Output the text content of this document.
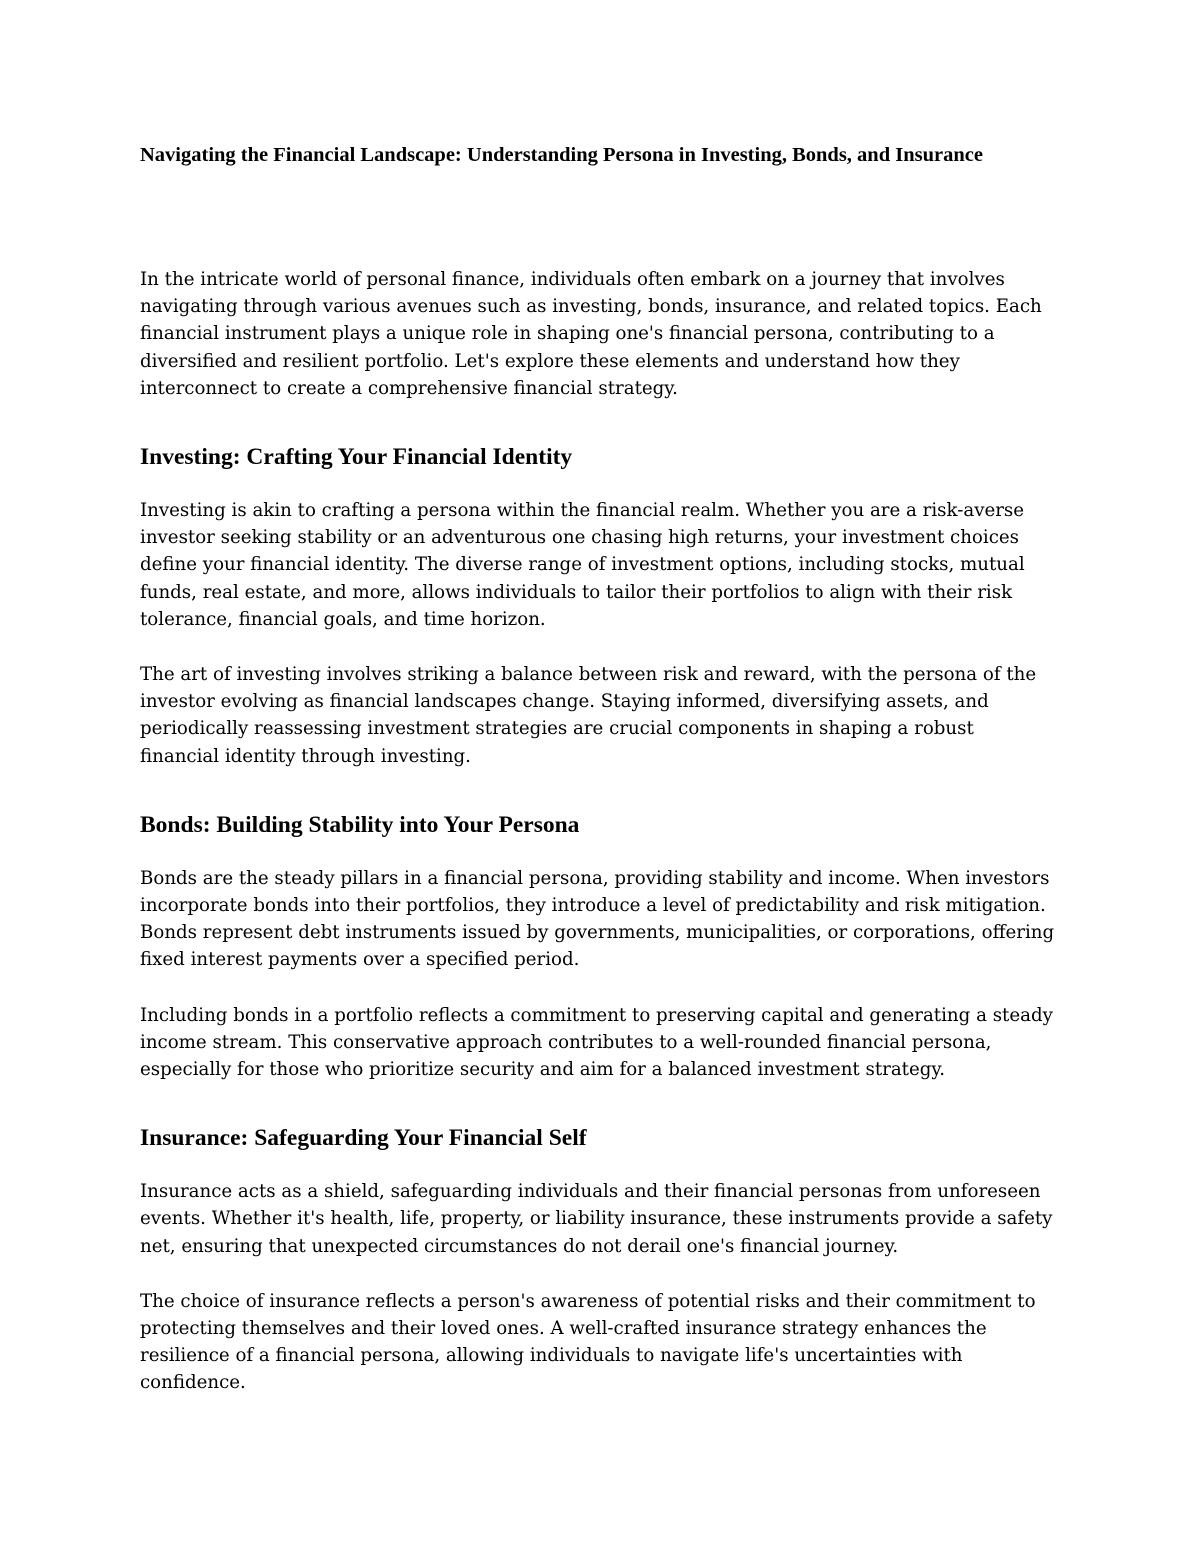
Navigating the Financial Landscape: Understanding Persona in Investing, Bonds, and Insurance

In the intricate world of personal finance, individuals often embark on a journey that involves navigating through various avenues such as investing, bonds, insurance, and related topics. Each financial instrument plays a unique role in shaping one's financial persona, contributing to a diversified and resilient portfolio. Let's explore these elements and understand how they interconnect to create a comprehensive financial strategy.

Investing: Crafting Your Financial Identity

Investing is akin to crafting a persona within the financial realm. Whether you are a risk-averse investor seeking stability or an adventurous one chasing high returns, your investment choices define your financial identity. The diverse range of investment options, including stocks, mutual funds, real estate, and more, allows individuals to tailor their portfolios to align with their risk tolerance, financial goals, and time horizon.

The art of investing involves striking a balance between risk and reward, with the persona of the investor evolving as financial landscapes change. Staying informed, diversifying assets, and periodically reassessing investment strategies are crucial components in shaping a robust financial identity through investing.

Bonds: Building Stability into Your Persona

Bonds are the steady pillars in a financial persona, providing stability and income. When investors incorporate bonds into their portfolios, they introduce a level of predictability and risk mitigation. Bonds represent debt instruments issued by governments, municipalities, or corporations, offering fixed interest payments over a specified period.

Including bonds in a portfolio reflects a commitment to preserving capital and generating a steady income stream. This conservative approach contributes to a well-rounded financial persona, especially for those who prioritize security and aim for a balanced investment strategy.

Insurance: Safeguarding Your Financial Self

Insurance acts as a shield, safeguarding individuals and their financial personas from unforeseen events. Whether it's health, life, property, or liability insurance, these instruments provide a safety net, ensuring that unexpected circumstances do not derail one's financial journey.

The choice of insurance reflects a person's awareness of potential risks and their commitment to protecting themselves and their loved ones. A well-crafted insurance strategy enhances the resilience of a financial persona, allowing individuals to navigate life's uncertainties with confidence.
